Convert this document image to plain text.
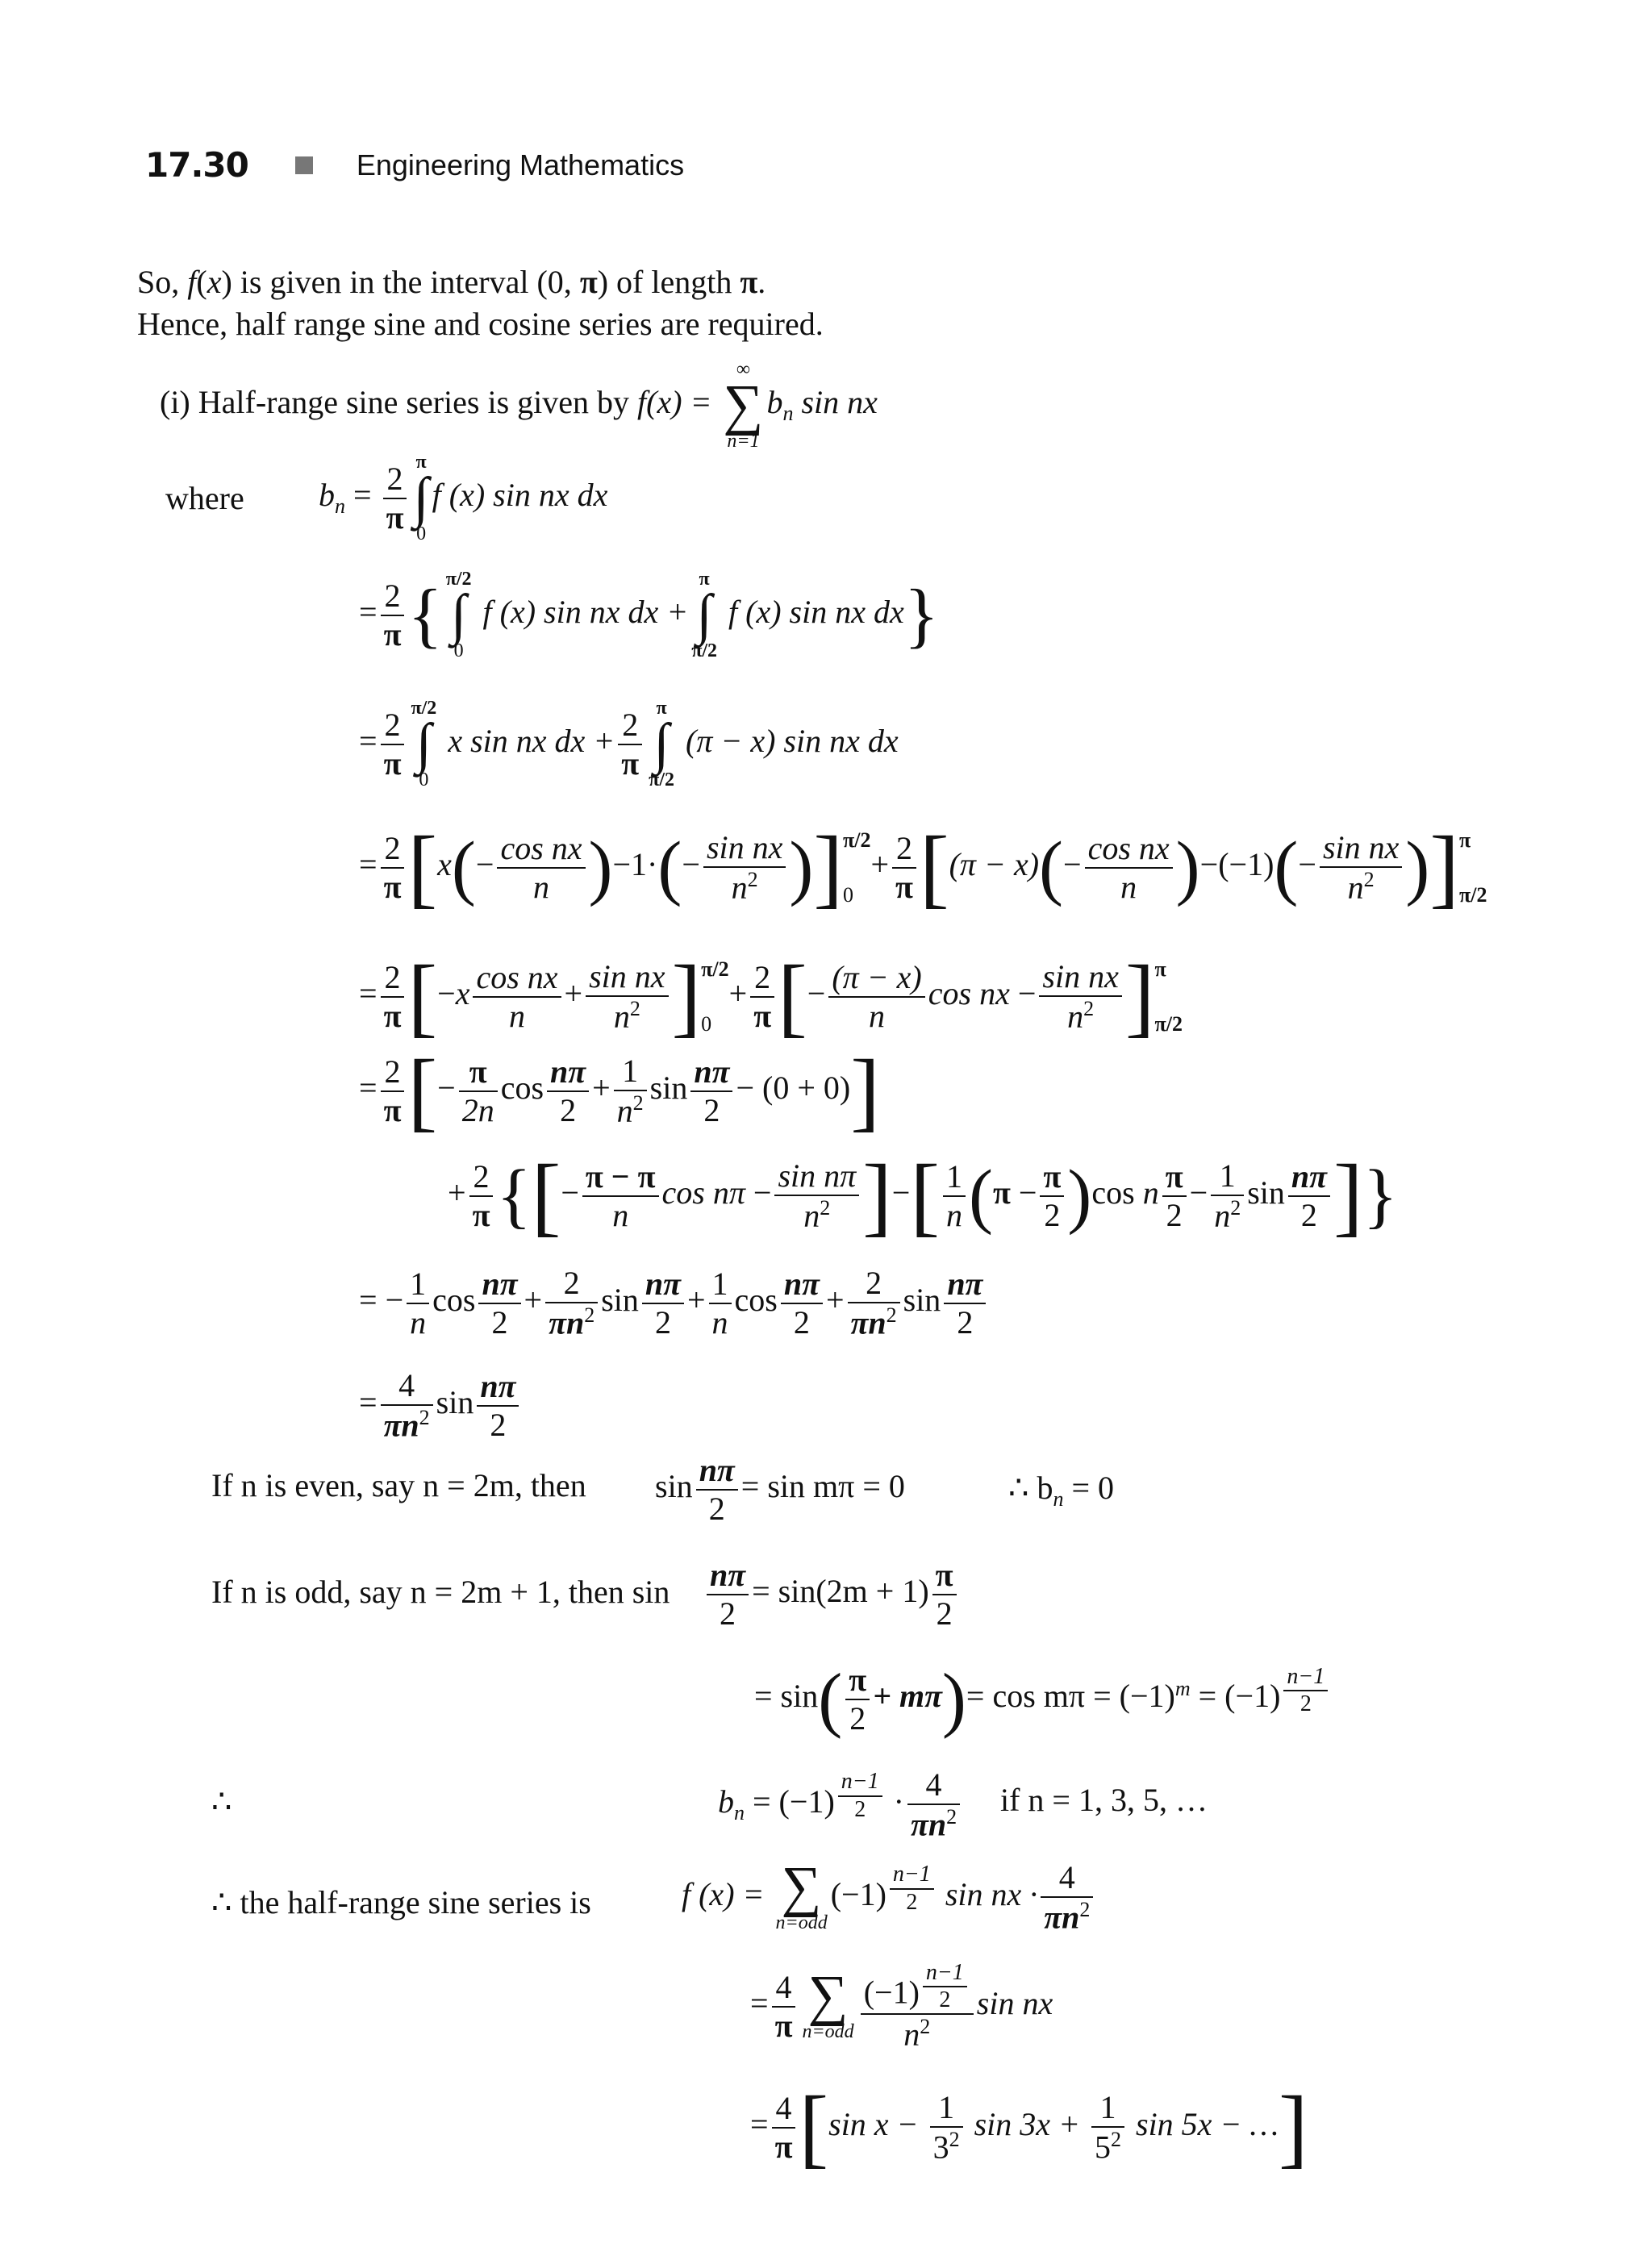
17.30	Engineering Mathematics
So, f(x) is given in the interval (0, π) of length π.
Hence, half range sine and cosine series are required.
(i) Half-range sine series is given by f(x) = ∞
∑
$n=1b_n$ sin nx
where $b_n = \frac{2}{\pi}$ π
∫
0f (x) sin nx dx
= $\frac{2}{\pi}$ { π/2
∫
0 f (x) sin nx dx +π
∫
π/2 f (x) sin nx dx}
= $\frac{2}{\pi} \pi/2$
∫
0 x sin nx dx + $\frac{2}{\pi}$ π
∫
π/2 (π − x) sin nx dx
= $\frac{2}{\pi} [x(- \frac{\text{cos nx}}{n} )-1\cdot(- \frac{\text{sin nx}}{n^2} )]\pi/2$
$0+ \frac{2}{\pi} [(\pi - x)(- \frac{\text{cos nx}}{n} )-(-1)(- \frac{\text{sin nx}}{n^2} )]\pi$
π/2
= $\frac{2}{\pi} [-x \frac{\text{cos nx}}{n} + \frac{\text{sin nx}}{n^2} ]\pi/2$
$0+ \frac{2}{\pi}$ [− $\frac{(\pi - x)}{n}$ cos nx − $\frac{\text{sin nx}}{n^2} ]\pi$
π/2
= $\frac{2}{\pi}$ [− $\frac{\pi}{2n}$ $\cos \frac{n\pi}{2} + \frac{1}{n^2}$ $\sin \frac{n\pi}{2} - (0 + 0)$]
+ $\frac{2}{\pi}$ {[− $\frac{\pi - \pi}{n}$ $\cos n\pi - \frac{\text{sin nπ}}{n^2}$ ]−[ $\frac{1}{n} (\pi - \frac{\pi}{2} )\cos$ n $\frac{\pi}{2} - \frac{1}{n^2}$ $\sin \frac{n\pi}{2}$ ]}
= − $\frac{1}{n}$ $\cos \frac{n\pi}{2} + \frac{2}{\pi n^2}$ $\sin \frac{n\pi}{2} + \frac{1}{n}$ $\cos \frac{n\pi}{2} + \frac{2}{\pi n^2}$ $\sin \frac{n\pi}{2}$
= $\frac{4}{\pi n^2}$ $\sin \frac{n\pi}{2}$
If n is even, say n = 2m, then $\sin \frac{n\pi}{2} = \sin m\pi = 0$	∴ $b_n = 0$
If n is odd, say n = 2m + 1, then $\sin \frac{n\pi}{2} = \sin(2m + 1) \frac{\pi}{2}$
= $\sin( \frac{\pi}{2} + m\pi)= \cos m\pi = (-1)^m = (-1)$ $^{\frac{n-1}{2}}$
∴	$b_n = (-1) ^{\frac{n-1}{2}} \cdot \frac{4}{\pi n^2}$ if n = 1, 3, 5, …
∴ the half-range sine series is	f (x) = ∑
n=odd(−1) $^{\frac{n-1}{2}}$ sin nx · $\frac{4}{\pi n^2}$
= $\frac{4}{\pi}$ ∑
n=odd (−1) $^{\frac{n-1}{2}}$
$n^2$ sin nx
= $\frac{4}{\pi} [\sin$ $x - \frac{1}{3^2}$ $\sin 3x + \frac{1}{5^2}$ sin 5x − …]
